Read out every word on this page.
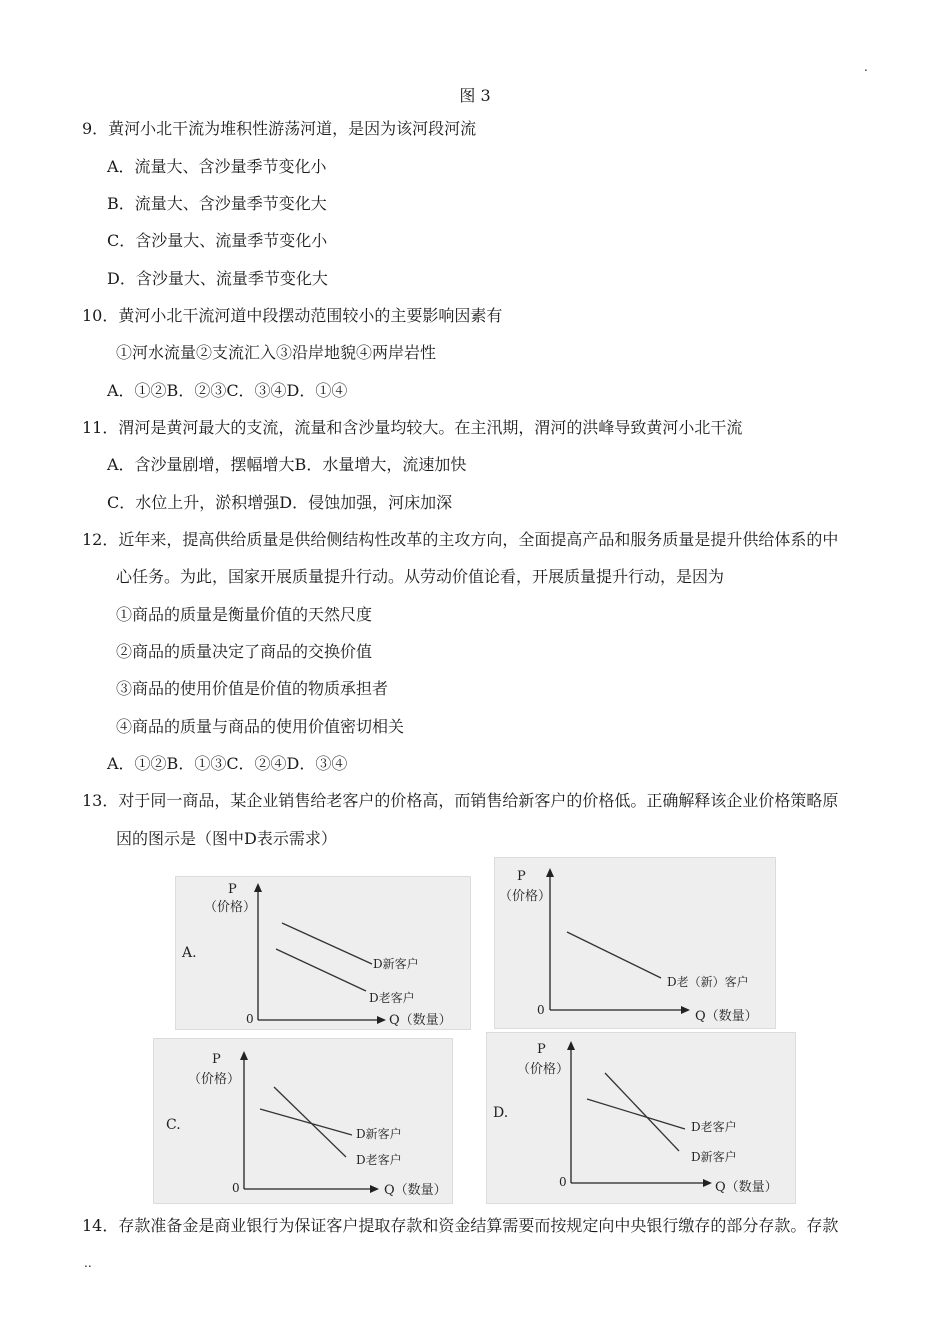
.
图 3
9．黄河小北干流为堆积性游荡河道，是因为该河段河流
A．流量大、含沙量季节变化小
B．流量大、含沙量季节变化大
C．含沙量大、流量季节变化小
D．含沙量大、流量季节变化大
10．黄河小北干流河道中段摆动范围较小的主要影响因素有
①河水流量②支流汇入③沿岸地貌④两岸岩性
A．①②B．②③C．③④D．①④
11．渭河是黄河最大的支流，流量和含沙量均较大。在主汛期，渭河的洪峰导致黄河小北干流
A．含沙量剧增，摆幅增大B．水量增大，流速加快
C．水位上升，淤积增强D．侵蚀加强，河床加深
12．近年来，提高供给质量是供给侧结构性改革的主攻方向，全面提高产品和服务质量是提升供给体系的中
心任务。为此，国家开展质量提升行动。从劳动价值论看，开展质量提升行动，是因为
①商品的质量是衡量价值的天然尺度
②商品的质量决定了商品的交换价值
③商品的使用价值是价值的物质承担者
④商品的质量与商品的使用价值密切相关
A．①②B．①③C．②④D．③④
13．对于同一商品，某企业销售给老客户的价格高，而销售给新客户的价格低。正确解释该企业价格策略原
因的图示是（图中D表示需求）
A.
P
（价格）
0	Q（数量）
D新客户
D老客户
P
（价格）
0	Q（数量）
D老（新）客户
C.
P
（价格）
0	Q（数量）
D新客户
D老客户
D.
P
（价格）
0	Q（数量）
D老客户
D新客户
14．存款准备金是商业银行为保证客户提取存款和资金结算需要而按规定向中央银行缴存的部分存款。存款
..
